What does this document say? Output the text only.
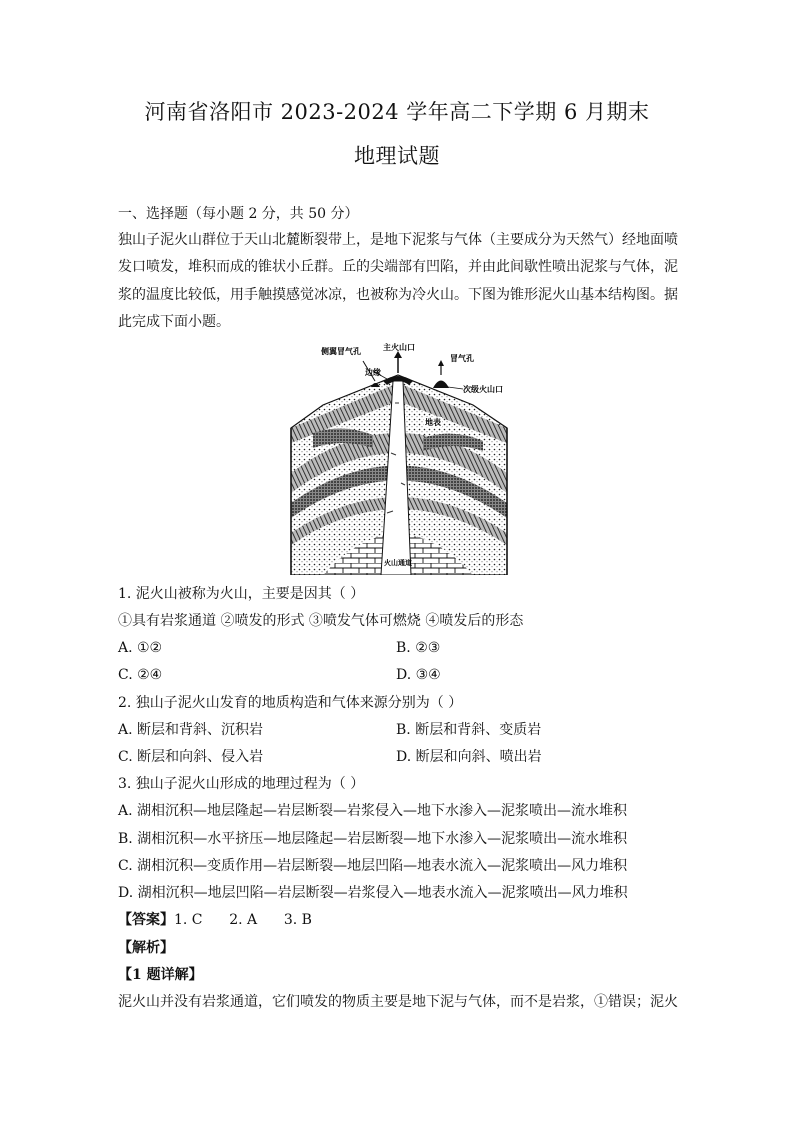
河南省洛阳市 2023-2024 学年高二下学期 6 月期末
地理试题
一、选择题（每小题 2 分，共 50 分）
独山子泥火山群位于天山北麓断裂带上，是地下泥浆与气体（主要成分为天然气）经地面喷
发口喷发，堆积而成的锥状小丘群。丘的尖端部有凹陷，并由此间歇性喷出泥浆与气体，泥
浆的温度比较低，用手触摸感觉冰凉，也被称为冷火山。下图为锥形泥火山基本结构图。据
此完成下面小题。
侧翼冒气孔	主火山口
冒气孔
边缘
次级火山口
地表
火山通道
1. 泥火山被称为火山，主要是因其（ ）
①具有岩浆通道 ②喷发的形式 ③喷发气体可燃烧 ④喷发后的形态
A. ①②	B. ②③
C. ②④	D. ③④
2. 独山子泥火山发育的地质构造和气体来源分别为（ ）
A. 断层和背斜、沉积岩	B. 断层和背斜、变质岩
C. 断层和向斜、侵入岩	D. 断层和向斜、喷出岩
3. 独山子泥火山形成的地理过程为（ ）
A. 湖相沉积—地层隆起—岩层断裂—岩浆侵入—地下水渗入—泥浆喷出—流水堆积
B. 湖相沉积—水平挤压—地层隆起—岩层断裂—地下水渗入—泥浆喷出—流水堆积
C. 湖相沉积—变质作用—岩层断裂—地层凹陷—地表水流入—泥浆喷出—风力堆积
D. 湖相沉积—地层凹陷—岩层断裂—岩浆侵入—地表水流入—泥浆喷出—风力堆积
【答案】1. C      2. A      3. B
【解析】
【1 题详解】
泥火山并没有岩浆通道，它们喷发的物质主要是地下泥与气体，而不是岩浆，①错误；泥火
